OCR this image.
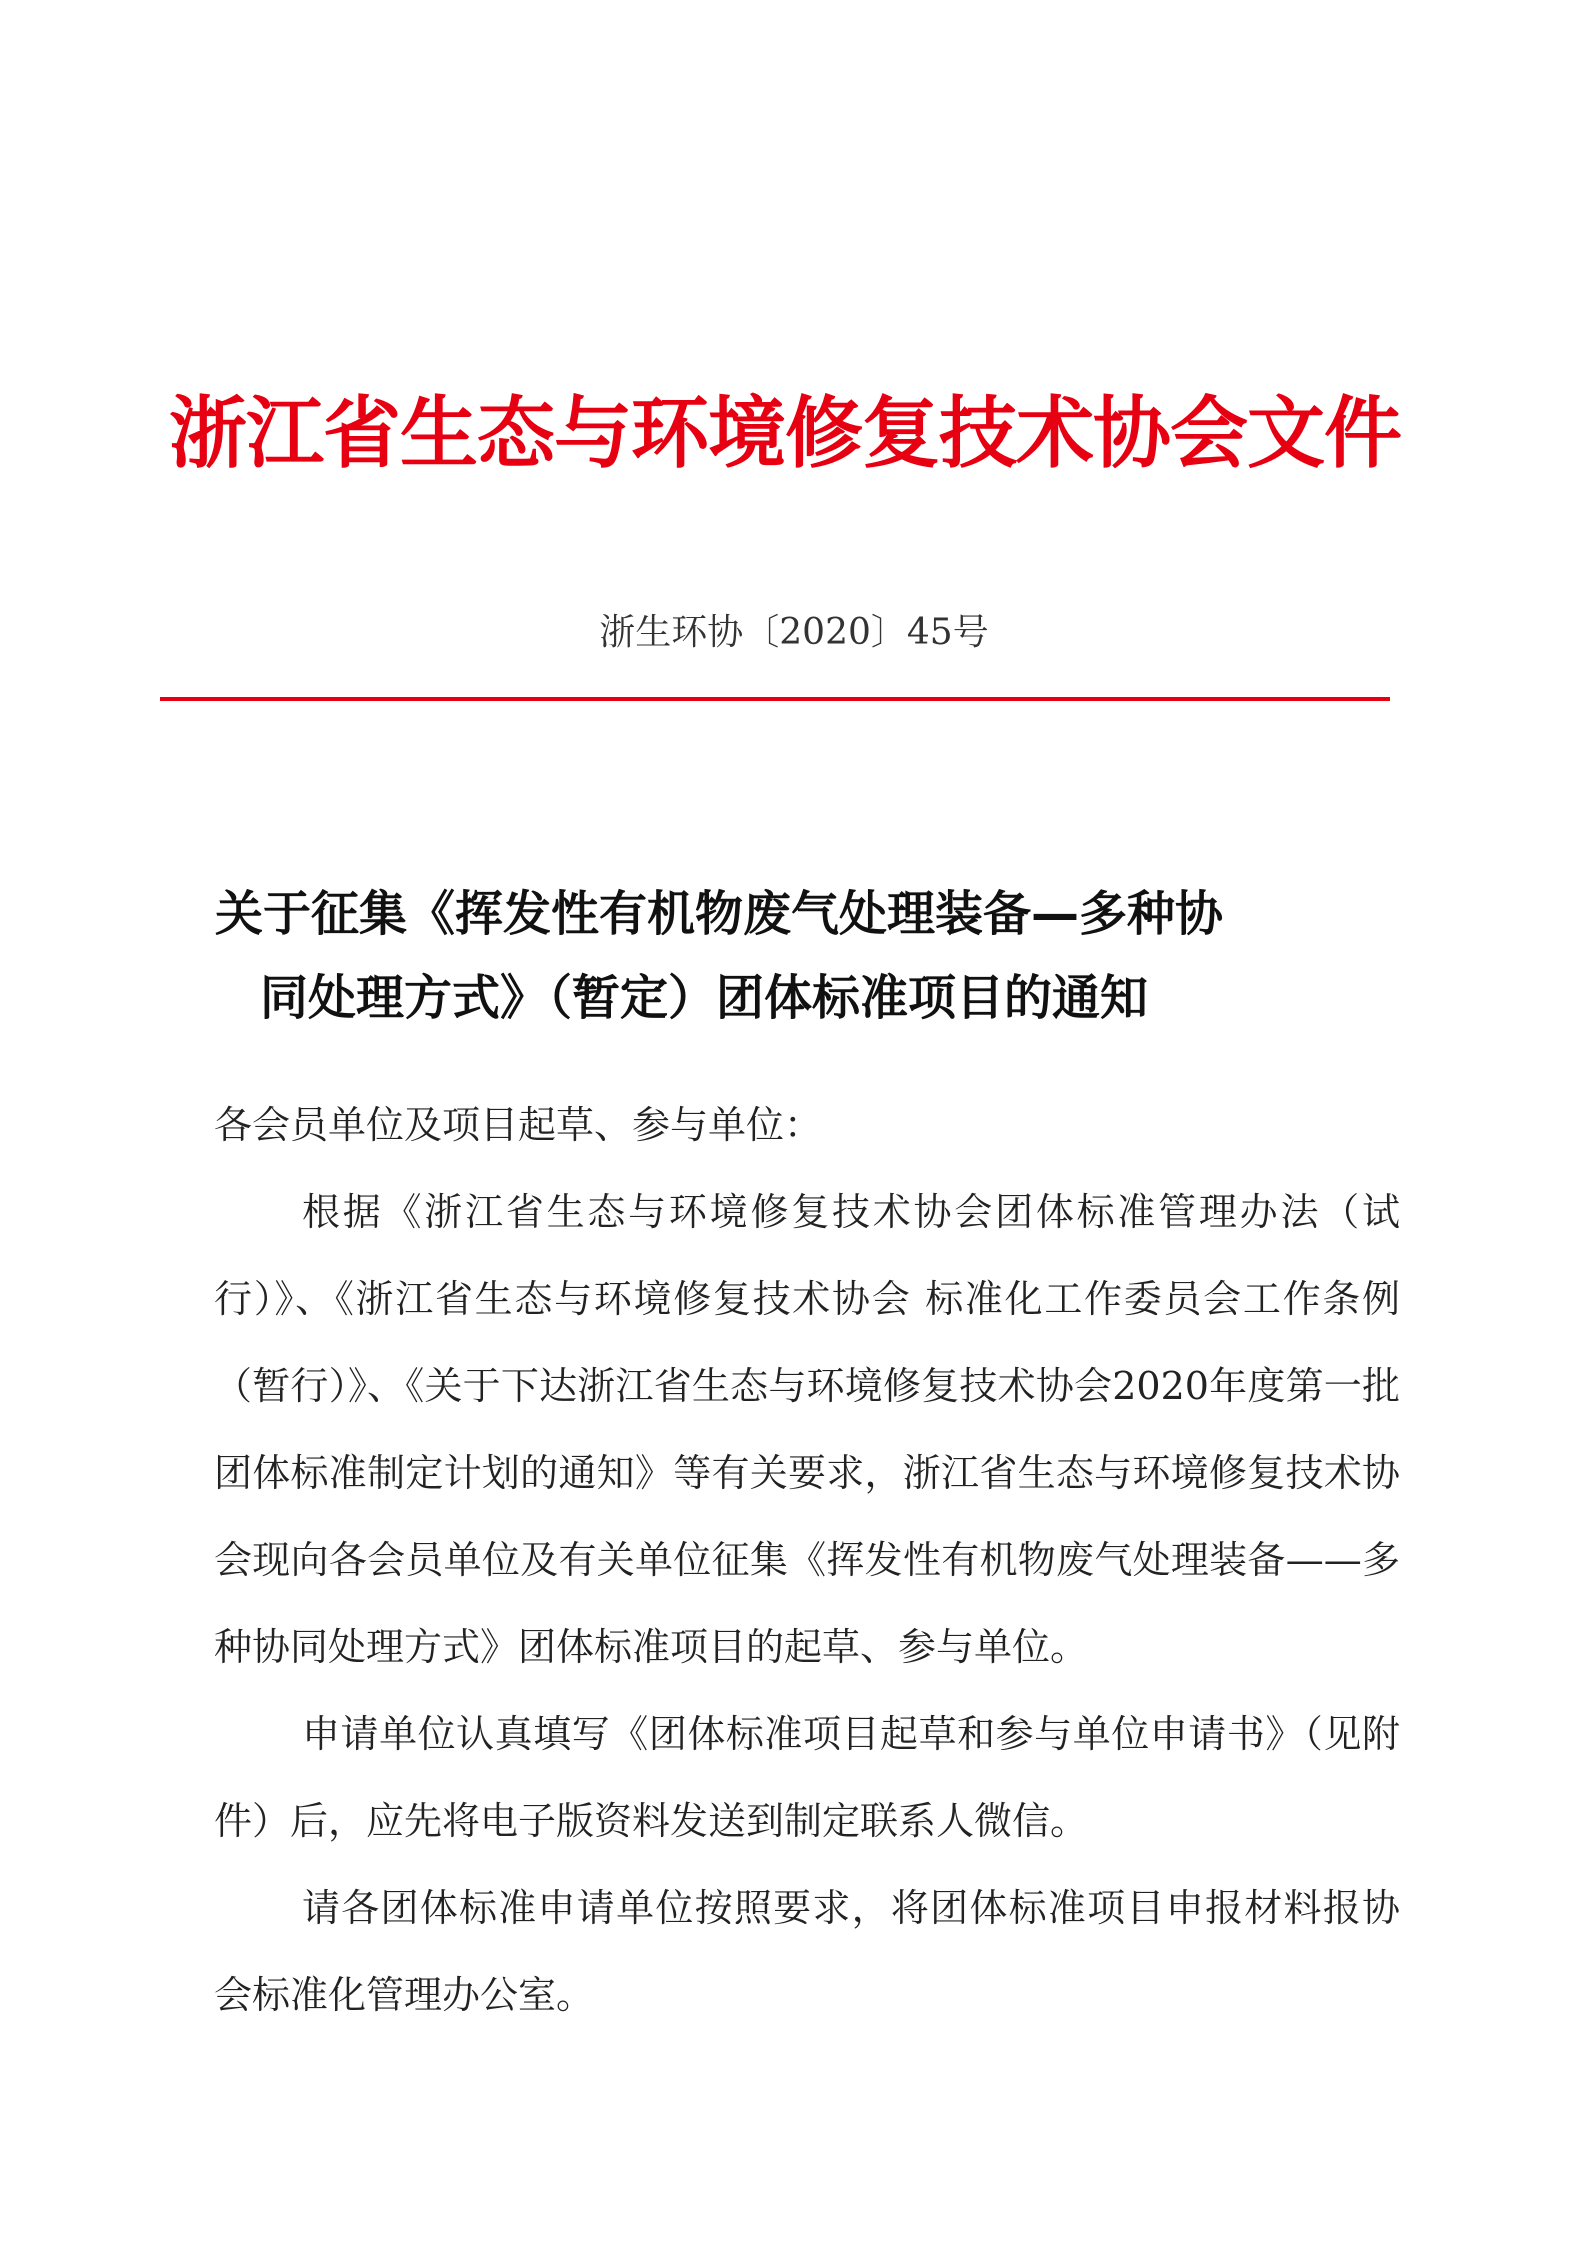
浙江省生态与环境修复技术协会文件
浙生环协〔2020〕45号
关于征集《挥发性有机物废气处理装备—多种协
同处理方式》（暂定）团体标准项目的通知

各会员单位及项目起草、参与单位：

根据《浙江省生态与环境修复技术协会团体标准管理办法（试行）》、《浙江省生态与环境修复技术协会 标准化工作委员会工作条例（暂行）》、《关于下达浙江省生态与环境修复技术协会2020年度第一批团体标准制定计划的通知》等有关要求，浙江省生态与环境修复技术协会现向各会员单位及有关单位征集《挥发性有机物废气处理装备——多种协同处理方式》团体标准项目的起草、参与单位。

申请单位认真填写《团体标准项目起草和参与单位申请书》（见附件）后，应先将电子版资料发送到制定联系人微信。

请各团体标准申请单位按照要求，将团体标准项目申报材料报协会标准化管理办公室。
